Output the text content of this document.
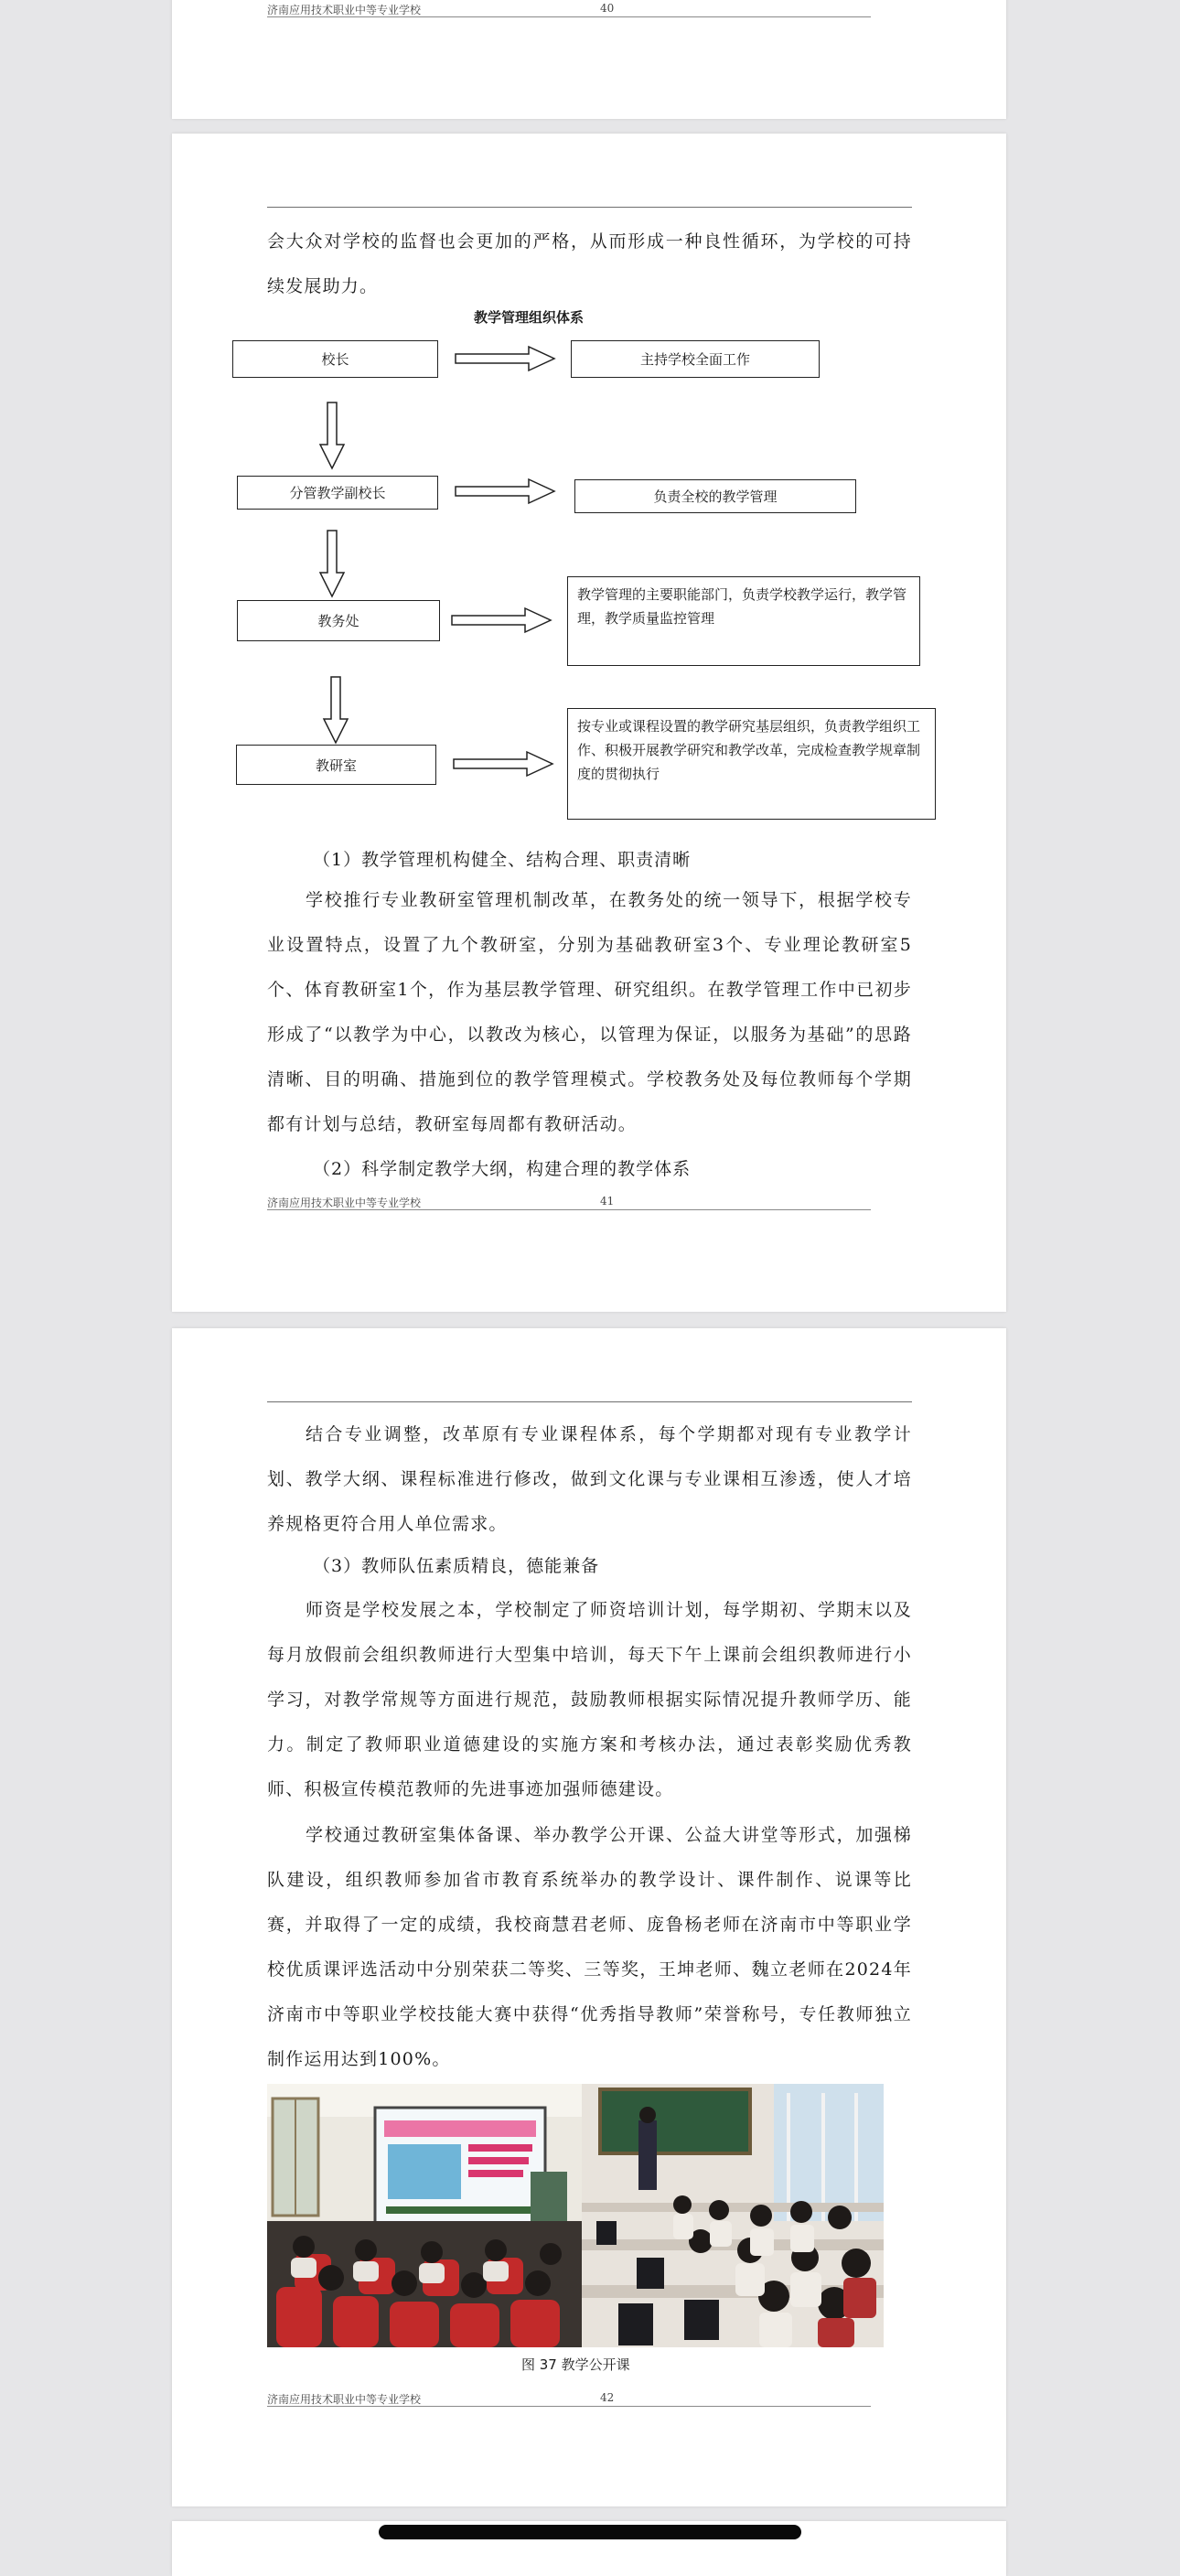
济南应用技术职业中等专业学校	40

会大众对学校的监督也会更加的严格，从而形成一种良性循环，为学校的可持续发展助力。

教学管理组织体系
校长	主持学校全面工作
分管教学副校长	负责全校的教学管理
教务处
教学管理的主要职能部门，负责学校教学运行，教学管理，教学质量监控管理
教研室
按专业或课程设置的教学研究基层组织，负责教学组织工作、积极开展教学研究和教学改革，完成检查教学规章制度的贯彻执行
（1）教学管理机构健全、结构合理、职责清晰

学校推行专业教研室管理机制改革，在教务处的统一领导下，根据学校专业设置特点，设置了九个教研室，分别为基础教研室3个、专业理论教研室5个、体育教研室1个，作为基层教学管理、研究组织。在教学管理工作中已初步形成了“以教学为中心，以教改为核心，以管理为保证，以服务为基础”的思路清晰、目的明确、措施到位的教学管理模式。学校教务处及每位教师每个学期都有计划与总结，教研室每周都有教研活动。

（2）科学制定教学大纲，构建合理的教学体系
济南应用技术职业中等专业学校	41

结合专业调整，改革原有专业课程体系，每个学期都对现有专业教学计划、教学大纲、课程标准进行修改，做到文化课与专业课相互渗透，使人才培养规格更符合用人单位需求。

（3）教师队伍素质精良，德能兼备

师资是学校发展之本，学校制定了师资培训计划，每学期初、学期末以及每月放假前会组织教师进行大型集中培训，每天下午上课前会组织教师进行小学习，对教学常规等方面进行规范，鼓励教师根据实际情况提升教师学历、能力。制定了教师职业道德建设的实施方案和考核办法，通过表彰奖励优秀教师、积极宣传模范教师的先进事迹加强师德建设。

学校通过教研室集体备课、举办教学公开课、公益大讲堂等形式，加强梯队建设，组织教师参加省市教育系统举办的教学设计、课件制作、说课等比赛，并取得了一定的成绩，我校商慧君老师、庞鲁杨老师在济南市中等职业学校优质课评选活动中分别荣获二等奖、三等奖，王坤老师、魏立老师在2024年济南市中等职业学校技能大赛中获得“优秀指导教师”荣誉称号，专任教师独立制作运用达到100%。

图 37 教学公开课
济南应用技术职业中等专业学校	42
